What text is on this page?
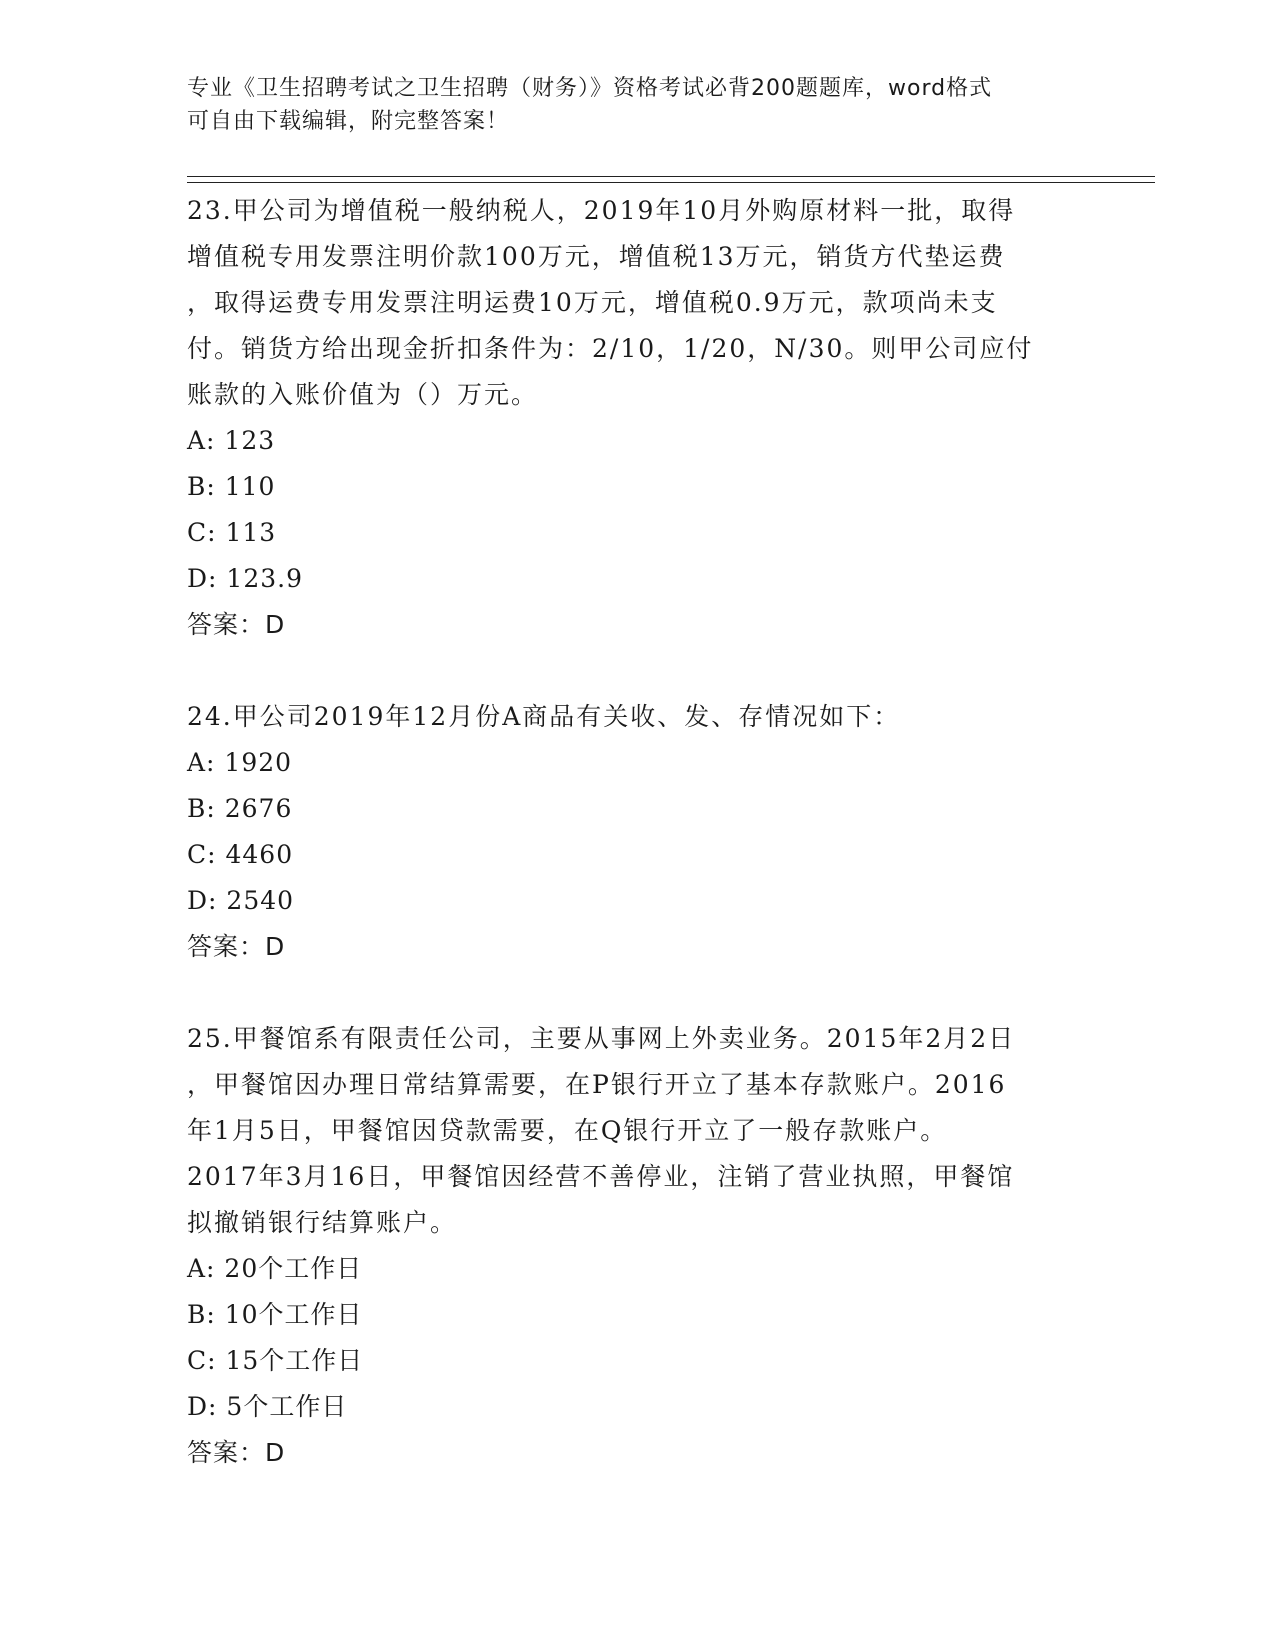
专业《卫生招聘考试之卫生招聘（财务）》资格考试必背200题题库，word格式
可自由下载编辑，附完整答案！
23.甲公司为增值税一般纳税人，2019年10月外购原材料一批，取得
增值税专用发票注明价款100万元，增值税13万元，销货方代垫运费
，取得运费专用发票注明运费10万元，增值税0.9万元，款项尚未支
付。销货方给出现金折扣条件为：2/10，1/20，N/30。则甲公司应付
账款的入账价值为（）万元。
A: 123
B: 110
C: 113
D: 123.9
答案：D
24.甲公司2019年12月份A商品有关收、发、存情况如下：
A: 1920
B: 2676
C: 4460
D: 2540
答案：D
25.甲餐馆系有限责任公司，主要从事网上外卖业务。2015年2月2日
，甲餐馆因办理日常结算需要，在P银行开立了基本存款账户。2016
年1月5日，甲餐馆因贷款需要，在Q银行开立了一般存款账户。
2017年3月16日，甲餐馆因经营不善停业，注销了营业执照，甲餐馆
拟撤销银行结算账户。
A: 20个工作日
B: 10个工作日
C: 15个工作日
D: 5个工作日
答案：D
